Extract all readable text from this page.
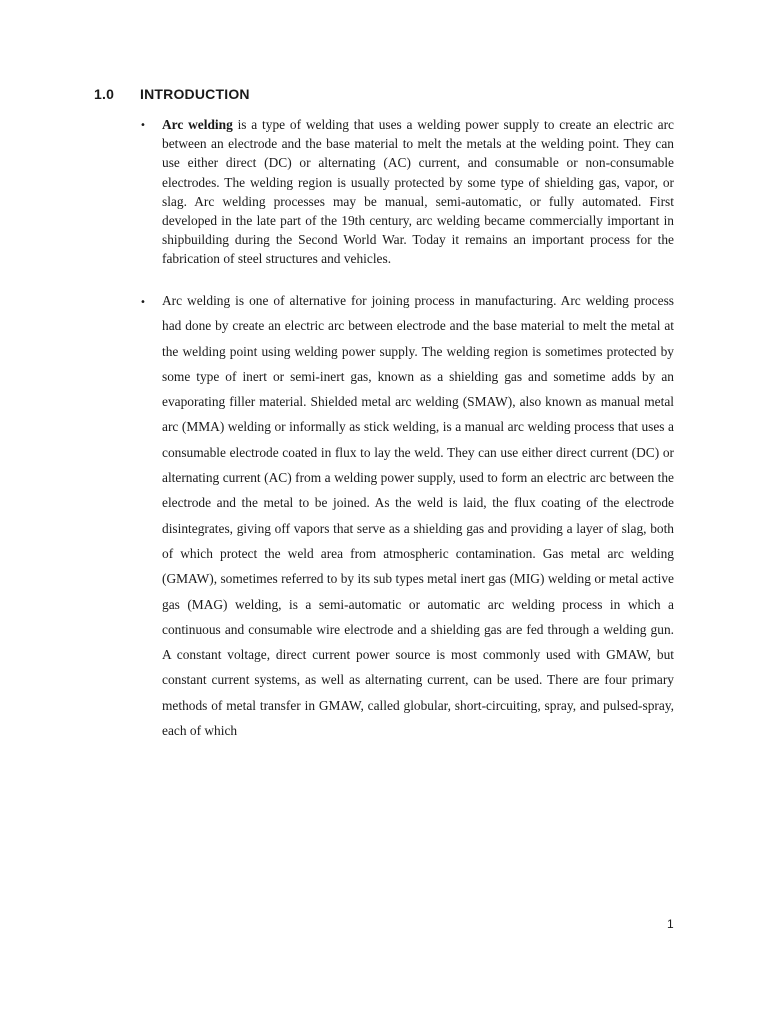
1.0 INTRODUCTION
• Arc welding is a type of welding that uses a welding power supply to create an electric arc between an electrode and the base material to melt the metals at the welding point. They can use either direct (DC) or alternating (AC) current, and consumable or non-consumable electrodes. The welding region is usually protected by some type of shielding gas, vapor, or slag. Arc welding processes may be manual, semi-automatic, or fully automated. First developed in the late part of the 19th century, arc welding became commercially important in shipbuilding during the Second World War. Today it remains an important process for the fabrication of steel structures and vehicles.
• Arc welding is one of alternative for joining process in manufacturing. Arc welding process had done by create an electric arc between electrode and the base material to melt the metal at the welding point using welding power supply. The welding region is sometimes protected by some type of inert or semi-inert gas, known as a shielding gas and sometime adds by an evaporating filler material. Shielded metal arc welding (SMAW), also known as manual metal arc (MMA) welding or informally as stick welding, is a manual arc welding process that uses a consumable electrode coated in flux to lay the weld. They can use either direct current (DC) or alternating current (AC) from a welding power supply, used to form an electric arc between the electrode and the metal to be joined. As the weld is laid, the flux coating of the electrode disintegrates, giving off vapors that serve as a shielding gas and providing a layer of slag, both of which protect the weld area from atmospheric contamination. Gas metal arc welding (GMAW), sometimes referred to by its sub types metal inert gas (MIG) welding or metal active gas (MAG) welding, is a semi-automatic or automatic arc welding process in which a continuous and consumable wire electrode and a shielding gas are fed through a welding gun. A constant voltage, direct current power source is most commonly used with GMAW, but constant current systems, as well as alternating current, can be used. There are four primary methods of metal transfer in GMAW, called globular, short-circuiting, spray, and pulsed-spray, each of which
1
